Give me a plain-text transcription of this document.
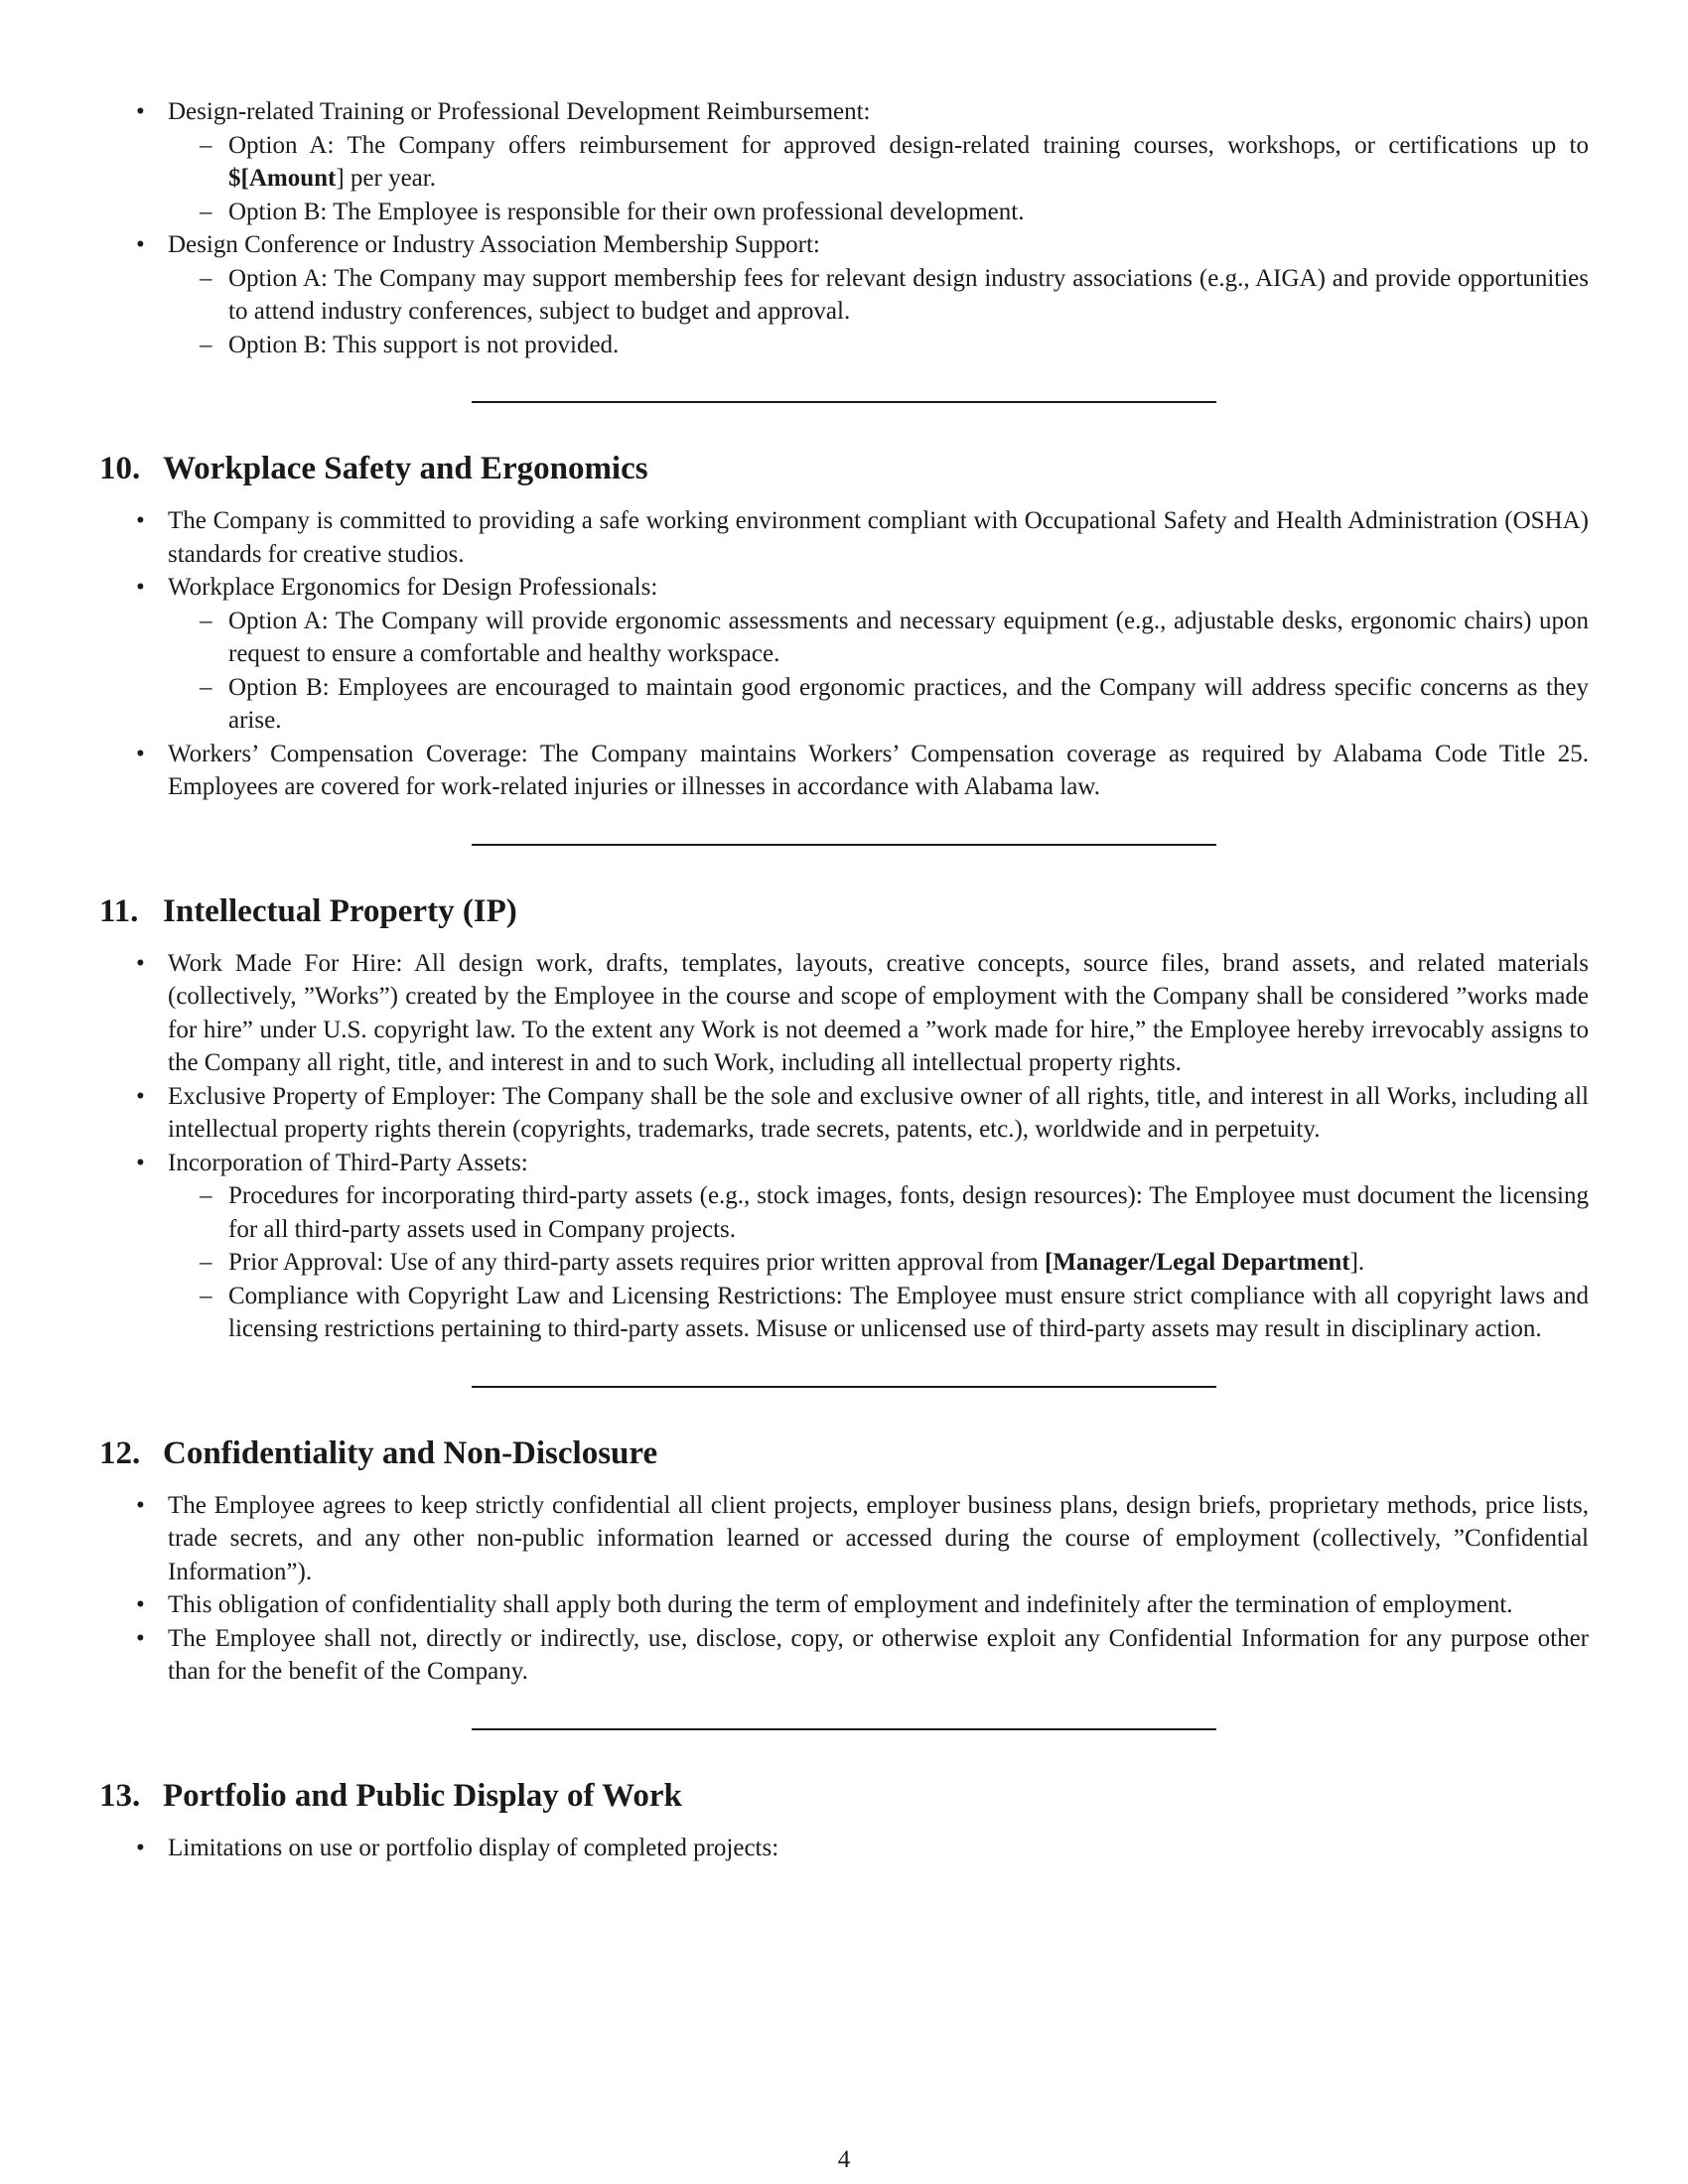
• Design-related Training or Professional Development Reimbursement:
– Option A: The Company offers reimbursement for approved design-related training courses, workshops, or certifications up to $[Amount] per year.
– Option B: The Employee is responsible for their own professional development.
• Design Conference or Industry Association Membership Support:
– Option A: The Company may support membership fees for relevant design industry associations (e.g., AIGA) and provide opportunities to attend industry conferences, subject to budget and approval.
– Option B: This support is not provided.
10. Workplace Safety and Ergonomics
• The Company is committed to providing a safe working environment compliant with Occupational Safety and Health Administration (OSHA) standards for creative studios.
• Workplace Ergonomics for Design Professionals:
– Option A: The Company will provide ergonomic assessments and necessary equipment (e.g., adjustable desks, ergonomic chairs) upon request to ensure a comfortable and healthy workspace.
– Option B: Employees are encouraged to maintain good ergonomic practices, and the Company will address specific concerns as they arise.
• Workers’ Compensation Coverage: The Company maintains Workers’ Compensation coverage as required by Alabama Code Title 25. Employees are covered for work-related injuries or illnesses in accordance with Alabama law.
11. Intellectual Property (IP)
• Work Made For Hire: All design work, drafts, templates, layouts, creative concepts, source files, brand assets, and related materials (collectively, ”Works”) created by the Employee in the course and scope of employment with the Company shall be considered ”works made for hire” under U.S. copyright law. To the extent any Work is not deemed a ”work made for hire,” the Employee hereby irrevocably assigns to the Company all right, title, and interest in and to such Work, including all intellectual property rights.
• Exclusive Property of Employer: The Company shall be the sole and exclusive owner of all rights, title, and interest in all Works, including all intellectual property rights therein (copyrights, trademarks, trade secrets, patents, etc.), worldwide and in perpetuity.
• Incorporation of Third-Party Assets:
– Procedures for incorporating third-party assets (e.g., stock images, fonts, design resources): The Employee must document the licensing for all third-party assets used in Company projects.
– Prior Approval: Use of any third-party assets requires prior written approval from [Manager/Legal Department].
– Compliance with Copyright Law and Licensing Restrictions: The Employee must ensure strict compliance with all copyright laws and licensing restrictions pertaining to third-party assets. Misuse or unlicensed use of third-party assets may result in disciplinary action.
12. Confidentiality and Non-Disclosure
• The Employee agrees to keep strictly confidential all client projects, employer business plans, design briefs, proprietary methods, price lists, trade secrets, and any other non-public information learned or accessed during the course of employment (collectively, ”Confidential Information”).
• This obligation of confidentiality shall apply both during the term of employment and indefinitely after the termination of employment.
• The Employee shall not, directly or indirectly, use, disclose, copy, or otherwise exploit any Confidential Information for any purpose other than for the benefit of the Company.
13. Portfolio and Public Display of Work
• Limitations on use or portfolio display of completed projects:
4
